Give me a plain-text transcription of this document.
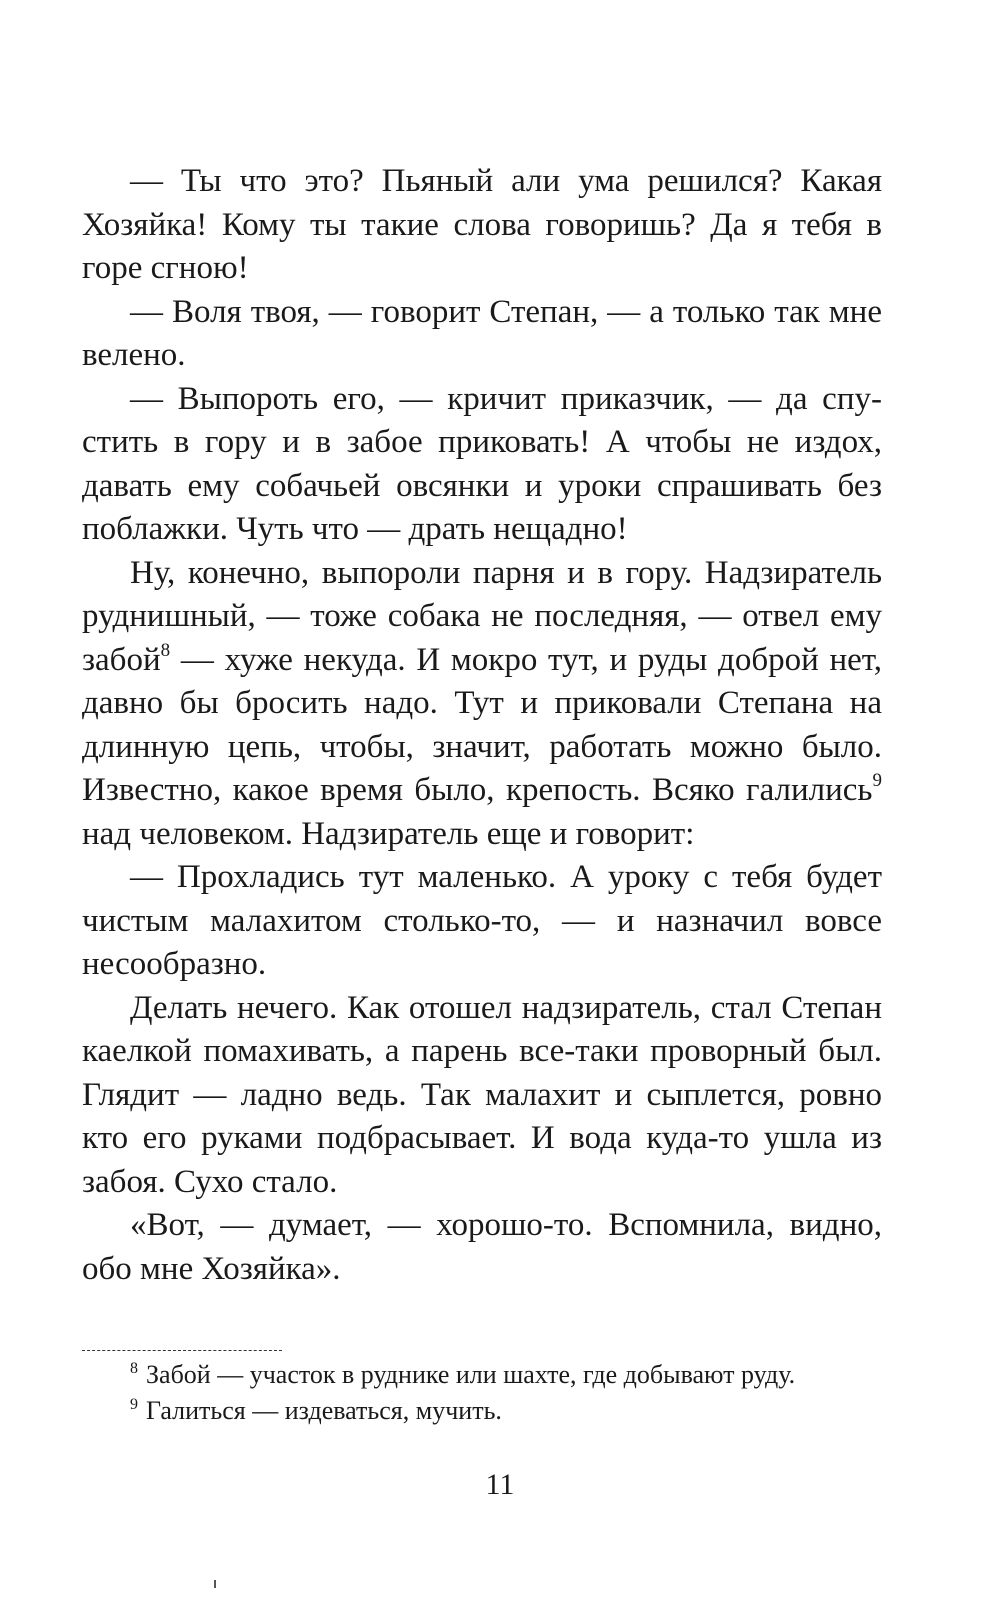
— Ты что это? Пьяный али ума решился? Какая Хозяйка! Кому ты такие слова говоришь? Да я тебя в горе сгною!

— Воля твоя, — говорит Степан, — а только так мне велено.

— Выпороть его, — кричит приказчик, — да спустить в гору и в забое приковать! А чтобы не издох, давать ему собачьей овсянки и уроки спрашивать без поблажки. Чуть что — драть нещадно!

Ну, конечно, выпороли парня и в гору. Надзиратель руднишный, — тоже собака не последняя, — отвел ему забой$^8$ — хуже некуда. И мокро тут, и руды доброй нет, давно бы бросить надо. Тут и приковали Степана на длинную цепь, чтобы, значит, работать можно было. Известно, какое время было, крепость. Всяко галились$^9$ над человеком. Надзиратель еще и говорит:

— Прохладись тут маленько. А уроку с тебя будет чистым малахитом столько-то, — и назначил вовсе несообразно.

Делать нечего. Как отошел надзиратель, стал Степан каелкой помахивать, а парень все-таки проворный был. Глядит — ладно ведь. Так малахит и сыплется, ровно кто его руками подбрасывает. И вода куда-то ушла из забоя. Сухо стало.

«Вот, — думает, — хорошо-то. Вспомнила, видно, обо мне Хозяйка».

$^8$ Забой — участок в руднике или шахте, где добывают руду.

$^9$ Галиться — издеваться, мучить.

11
